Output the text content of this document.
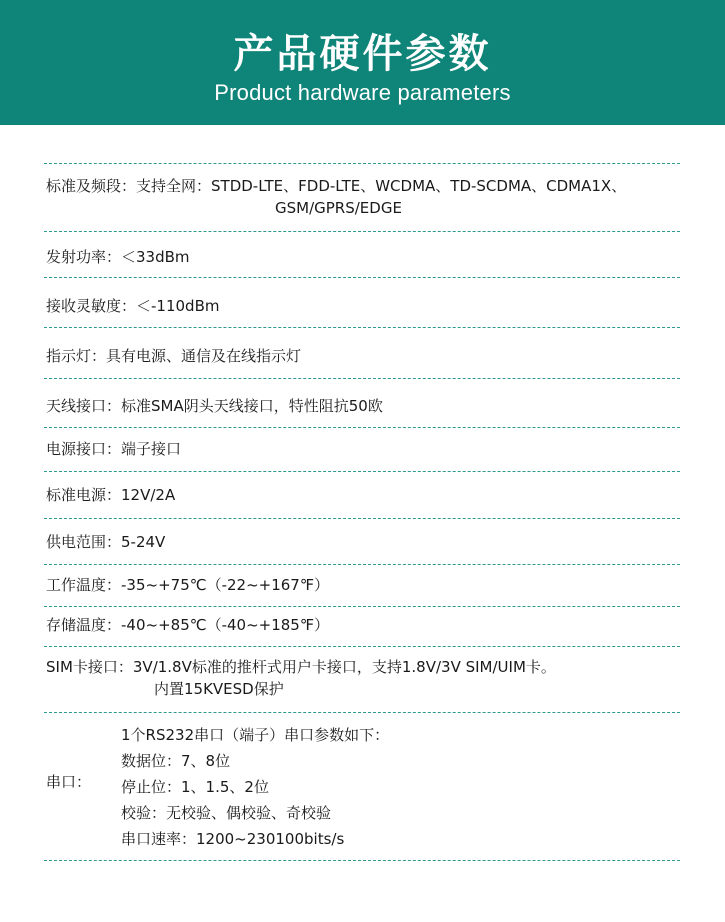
产品硬件参数
Product hardware parameters
标准及频段：支持全网：STDD-LTE、FDD-LTE、WCDMA、TD-SCDMA、CDMA1X、
GSM/GPRS/EDGE
发射功率：＜33dBm
接收灵敏度：＜-110dBm
指示灯：具有电源、通信及在线指示灯
天线接口：标准SMA阴头天线接口，特性阻抗50欧
电源接口：端子接口
标准电源：12V/2A
供电范围：5-24V
工作温度：-35~+75℃（-22~+167℉）
存储温度：-40~+85℃（-40~+185℉）
SIM卡接口：3V/1.8V标准的推杆式用户卡接口，支持1.8V/3V SIM/UIM卡。
内置15KVESD保护
串口：
1个RS232串口（端子）串口参数如下：
数据位：7、8位
停止位：1、1.5、2位
校验：无校验、偶校验、奇校验
串口速率：1200~230100bits/s
